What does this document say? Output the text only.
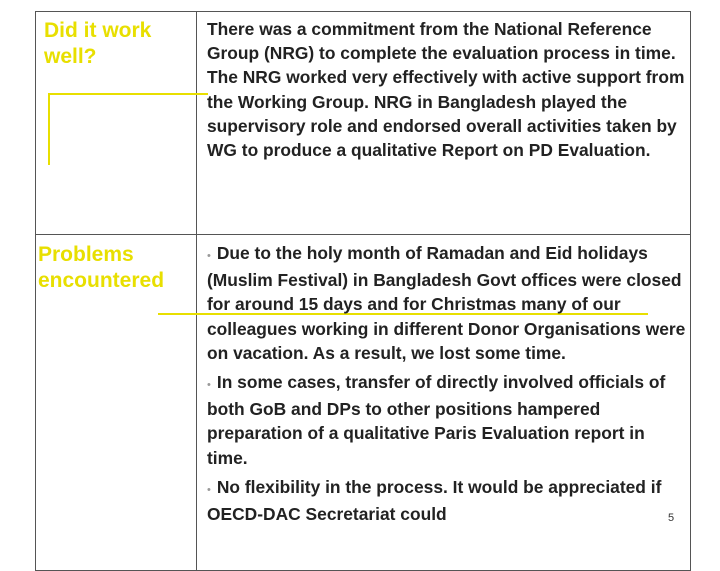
Did it work well?
There was a commitment from the National Reference Group (NRG) to complete the evaluation process in time. The NRG worked very effectively with active support from the Working Group. NRG in Bangladesh played the supervisory role and endorsed overall activities taken by WG to produce a qualitative Report on PD Evaluation.
Problems encountered

• Due to the holy month of Ramadan and Eid holidays (Muslim Festival) in Bangladesh Govt offices were closed for around 15 days and for Christmas many of our colleagues working in different Donor Organisations were on vacation. As a result, we lost some time.

• In some cases, transfer of directly involved officials of both GoB and DPs to other positions hampered preparation of a qualitative Paris Evaluation report in time.

• No flexibility in the process. It would be appreciated if OECD-DAC Secretariat could	5
